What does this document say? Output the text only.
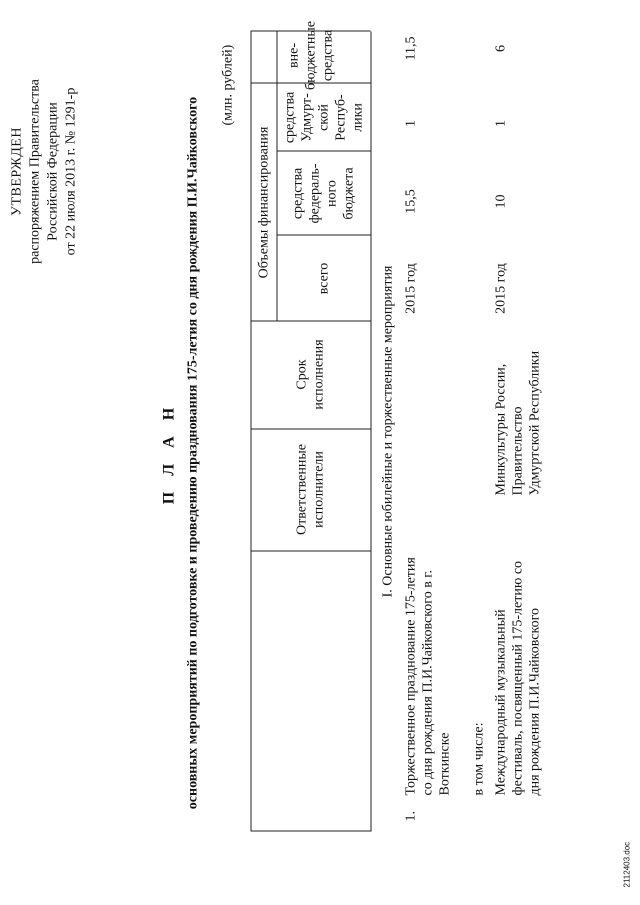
УТВЕРЖДЕН распоряжением Правительства Российской Федерации от 22 июля 2013 г. № 1291-р
П Л А Н основных мероприятий по подготовке и проведению празднования 175-летия со дня рождения П.И.Чайковского
(млн. рублей)
Ответственные исполнители
Срок исполнения
Объемы финансирования
всего
средства федераль-ного бюджета
средства Удмурт-ской Респуб-лики
вне-бюджетные средства
I. Основные юбилейные и торжественные мероприятия
1.
Торжественное празднование 175-летия со дня рождения П.И.Чайковского в г. Воткинске
2015 год
15,5
1
11,5
в том числе: Международный музыкальный фестиваль, посвященный 175-летию со дня рождения П.И.Чайковского
Минкультуры России, Правительство Удмуртской Республики
2015 год
10
1
6
2112403.doc
